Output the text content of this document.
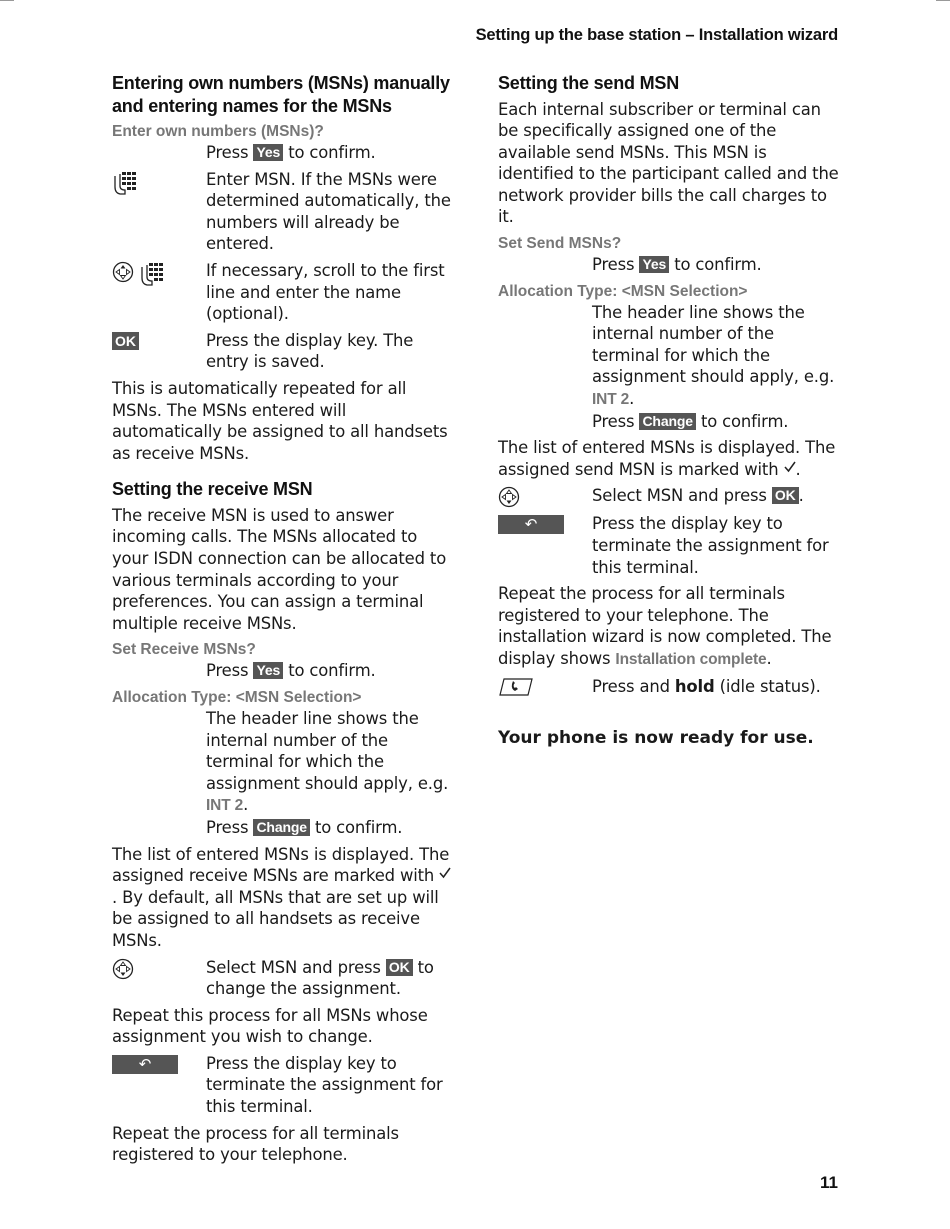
Setting up the base station – Installation wizard
Entering own numbers (MSNs) manually and entering names for the MSNs
Enter own numbers (MSNs)?
Press Yes to confirm.
Enter MSN. If the MSNs were determined automatically, the numbers will already be entered.

If necessary, scroll to the first line and enter the name (optional).
OK	Press the display key. The entry is saved.
This is automatically repeated for all MSNs. The MSNs entered will automatically be assigned to all handsets as receive MSNs.
Setting the receive MSN
The receive MSN is used to answer incoming calls. The MSNs allocated to your ISDN connection can be allocated to various terminals according to your preferences. You can assign a terminal multiple receive MSNs.
Set Receive MSNs?
Press Yes to confirm.
Allocation Type: <MSN Selection>
The header line shows the internal number of the terminal for which the assignment should apply, e.g. INT 2.
Press Change to confirm.
The list of entered MSNs is displayed. The assigned receive MSNs are marked with . By default, all MSNs that are set up will be assigned to all handsets as receive MSNs.
Select MSN and press OK to change the assignment.
Repeat this process for all MSNs whose assignment you wish to change.
↶	Press the display key to terminate the assignment for this terminal.
Repeat the process for all terminals registered to your telephone.
Setting the send MSN
Each internal subscriber or terminal can be specifically assigned one of the available send MSNs. This MSN is identified to the participant called and the network provider bills the call charges to it.
Set Send MSNs?
Press Yes to confirm.
Allocation Type: <MSN Selection>
The header line shows the internal number of the terminal for which the assignment should apply, e.g. INT 2.
Press Change to confirm.
The list of entered MSNs is displayed. The assigned send MSN is marked with .
Select MSN and press OK .
↶	Press the display key to terminate the assignment for this terminal.
Repeat the process for all terminals registered to your telephone. The installation wizard is now completed. The display shows Installation complete.
Press and hold (idle status).
Your phone is now ready for use.
11
